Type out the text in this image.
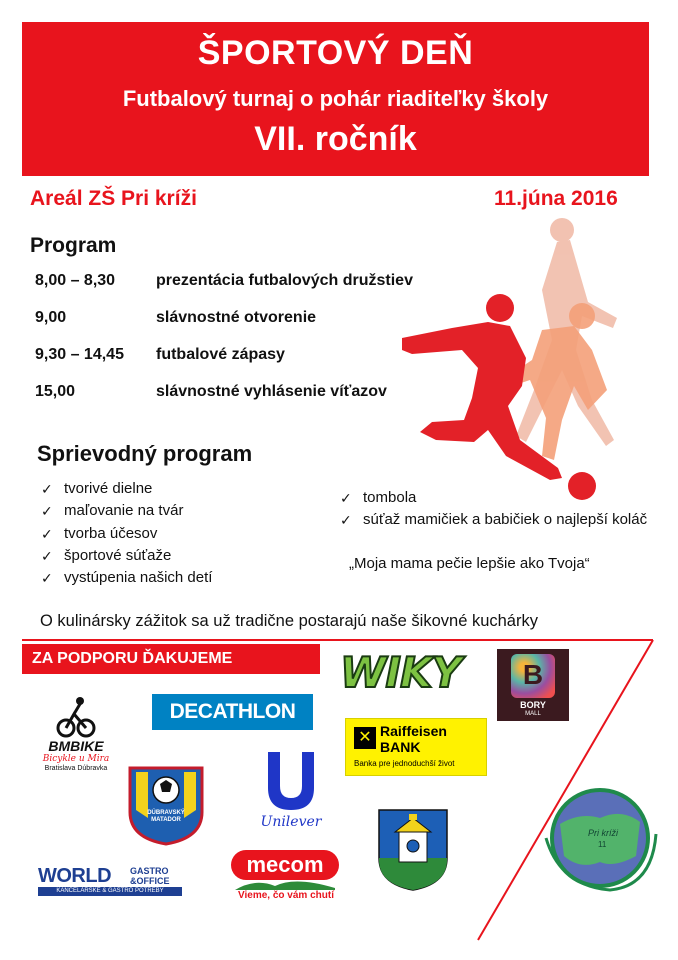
ŠPORTOVÝ DEŇ
Futbalový turnaj o pohár riaditeľky školy
VII. ročník
Areál ZŠ Pri kríži	11.júna 2016
Program
8,00 – 8,30	prezentácia futbalových družstiev
9,00	slávnostné otvorenie
9,30 – 14,45 futbalové zápasy
15,00	slávnostné vyhlásenie víťazov
Sprievodný program
✓ tvorivé dielne
✓ maľovanie na tvár
✓ tvorba účesov
✓ športové súťaže
✓ vystúpenia našich detí
✓ tombola
✓ súťaž mamičiek a babičiek o najlepší koláč
„Moja mama pečie lepšie ako Tvoja“
O kulinársky zážitok sa už tradične postarajú naše šikovné kuchárky
ZA PODPORU ĎAKUJEME	WIKY	B
BORY
MALL
DECATHLON
✕ Raiffeisen
BANK
Banka pre jednoduchší život
BMBIKE
Bicykle u Mira
Bratislava Dúbravka
Unilever
DÚBRAVSKÝ MATADOR
mecom
Vieme, čo vám chutí
WORLD GASTRO
&OFFICE
KANCELÁRSKE & GASTRO POTREBY
Pri kríži
11
